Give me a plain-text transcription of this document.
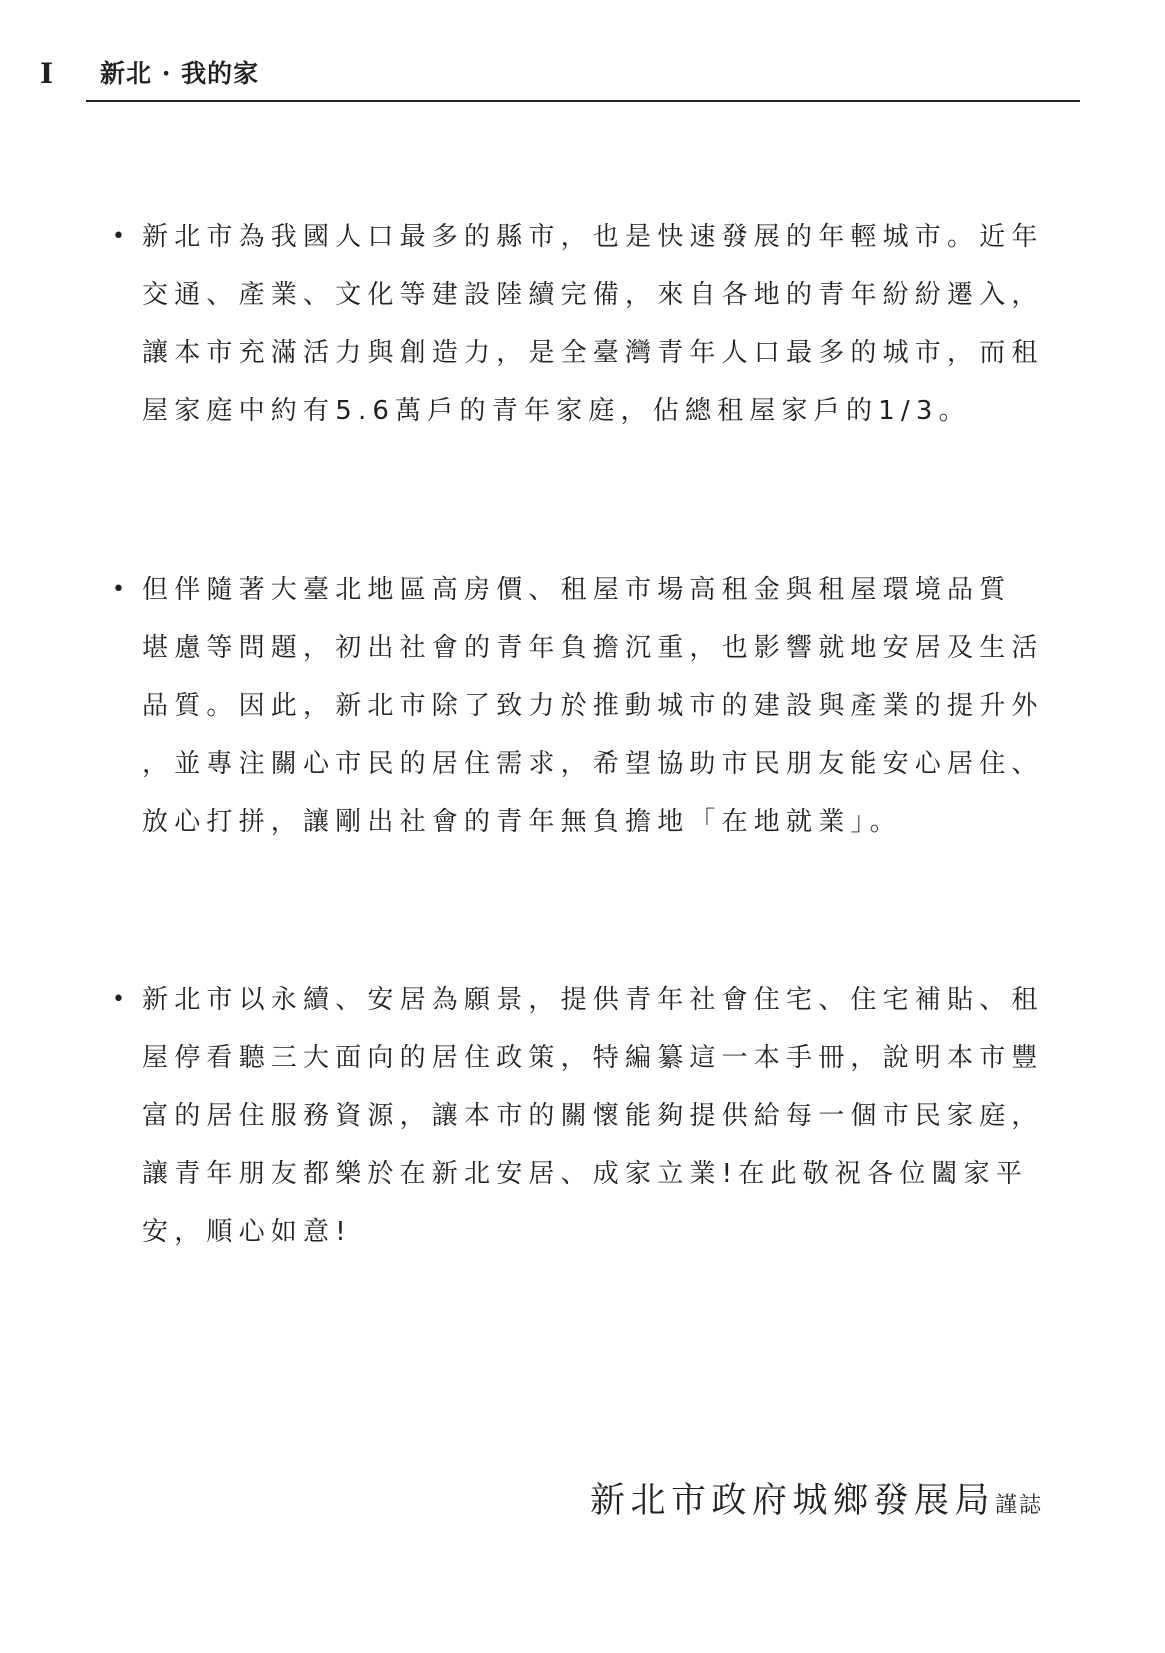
I 新北 · 我的家
• 新北市為我國人口最多的縣市，也是快速發展的年輕城市。近年
交通、產業、文化等建設陸續完備，來自各地的青年紛紛遷入，
讓本市充滿活力與創造力，是全臺灣青年人口最多的城市，而租
屋家庭中約有5.6萬戶的青年家庭，佔總租屋家戶的1/3。
• 但伴隨著大臺北地區高房價、租屋市場高租金與租屋環境品質
堪慮等問題，初出社會的青年負擔沉重，也影響就地安居及生活
品質。因此，新北市除了致力於推動城市的建設與產業的提升外
，並專注關心市民的居住需求，希望協助市民朋友能安心居住、
放心打拼，讓剛出社會的青年無負擔地「在地就業」。
• 新北市以永續、安居為願景，提供青年社會住宅、住宅補貼、租
屋停看聽三大面向的居住政策，特編纂這一本手冊，說明本市豐
富的居住服務資源，讓本市的關懷能夠提供給每一個市民家庭，
讓青年朋友都樂於在新北安居、成家立業!在此敬祝各位闔家平
安，順心如意!
新北市政府城鄉發展局謹誌
